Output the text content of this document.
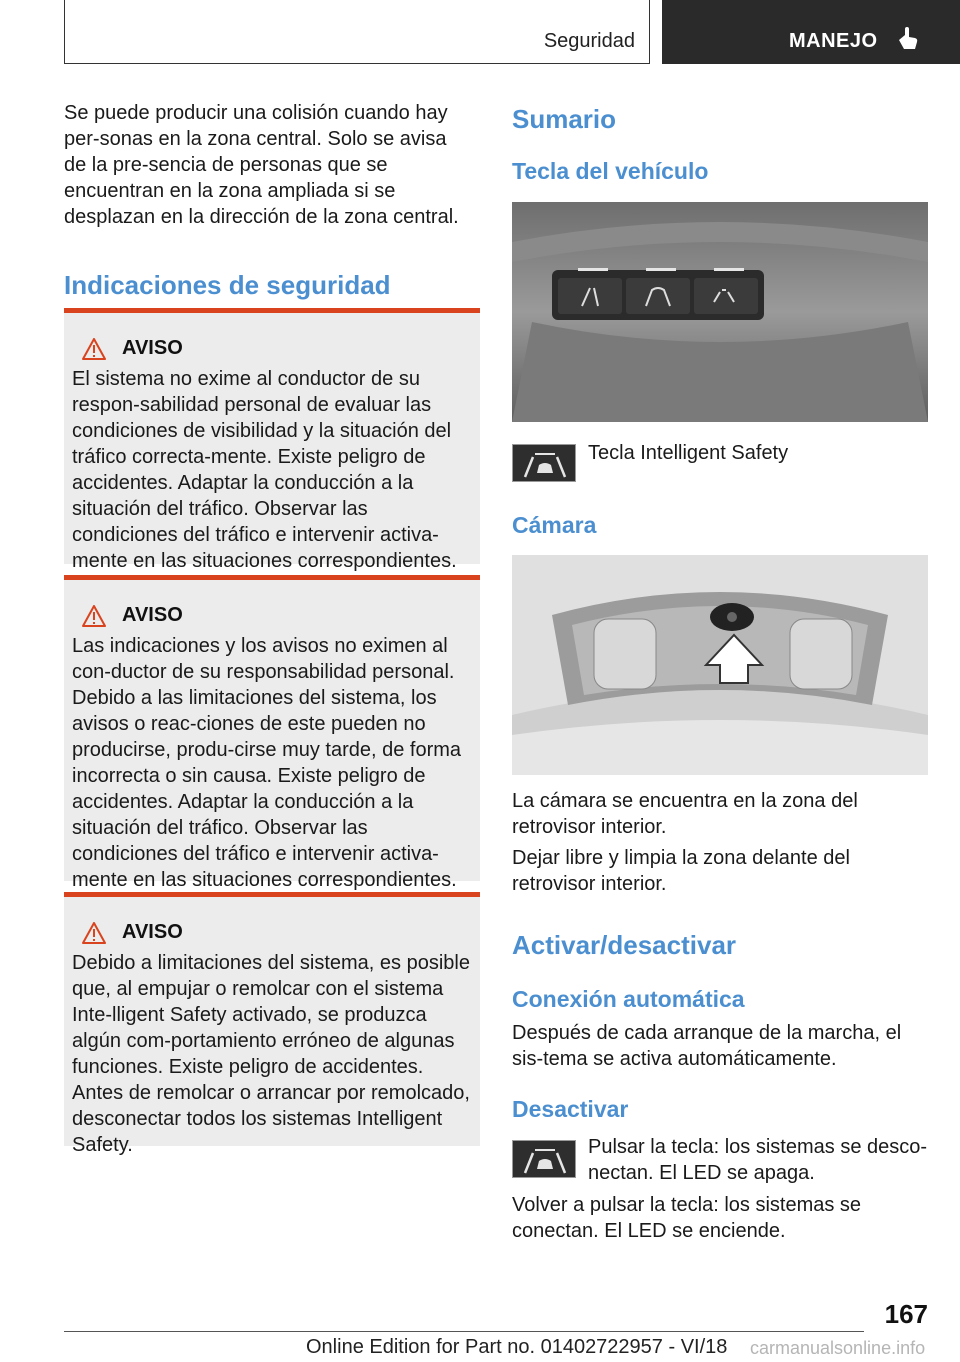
Seguridad	MANEJO

Se puede producir una colisión cuando hay per-sonas en la zona central. Solo se avisa de la pre-sencia de personas que se encuentran en la zona ampliada si se desplazan en la dirección de la zona central.

Indicaciones de seguridad
AVISO

El sistema no exime al conductor de su respon-sabilidad personal de evaluar las condiciones de visibilidad y la situación del tráfico correcta-mente. Existe peligro de accidentes. Adaptar la conducción a la situación del tráfico. Observar las condiciones del tráfico e intervenir activa-mente en las situaciones correspondientes.

AVISO

Las indicaciones y los avisos no eximen al con-ductor de su responsabilidad personal. Debido a las limitaciones del sistema, los avisos o reac-ciones de este pueden no producirse, produ-cirse muy tarde, de forma incorrecta o sin causa. Existe peligro de accidentes. Adaptar la conducción a la situación del tráfico. Observar las condiciones del tráfico e intervenir activa-mente en las situaciones correspondientes.

AVISO

Debido a limitaciones del sistema, es posible que, al empujar o remolcar con el sistema Inte-lligent Safety activado, se produzca algún com-portamiento erróneo de algunas funciones. Existe peligro de accidentes. Antes de remolcar o arrancar por remolcado, desconectar todos los sistemas Intelligent Safety.

Sumario
Tecla del vehículo
Tecla Intelligent Safety
Cámara

La cámara se encuentra en la zona del retrovisor interior.

Dejar libre y limpia la zona delante del retrovisor interior.

Activar/desactivar
Conexión automática

Después de cada arranque de la marcha, el sis-tema se activa automáticamente.

Desactivar

Pulsar la tecla: los sistemas se desco-nectan. El LED se apaga.

Volver a pulsar la tecla: los sistemas se conectan. El LED se enciende.

167
Online Edition for Part no. 01402722957 - VI/18 carmanualsonline.info
